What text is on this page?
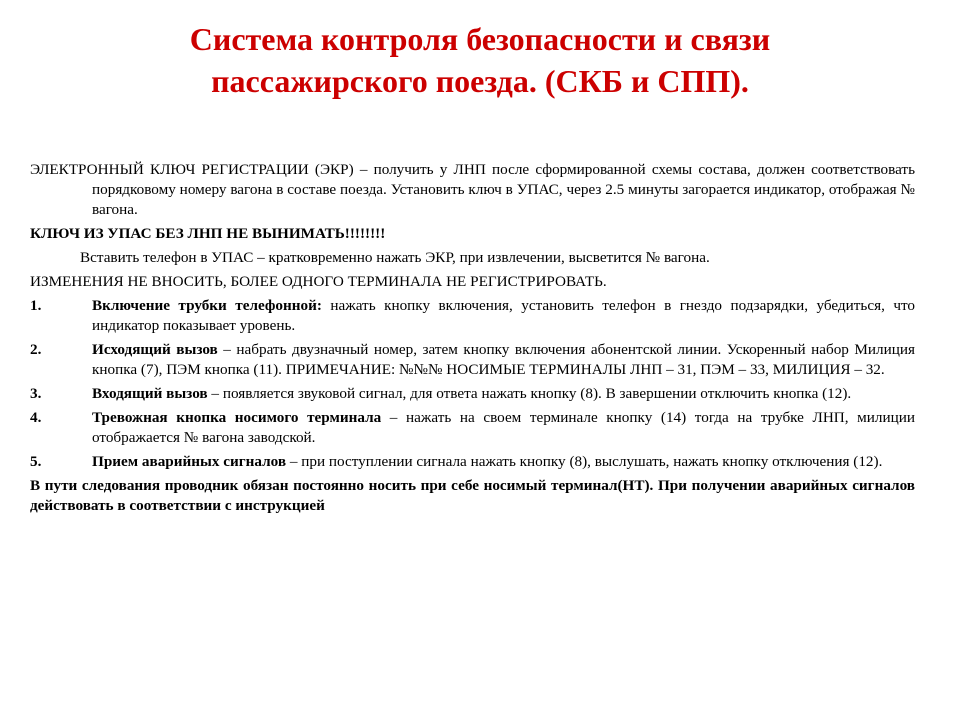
Система контроля безопасности и связи
пассажирского поезда. (СКБ и СПП).
ЭЛЕКТРОННЫЙ КЛЮЧ РЕГИСТРАЦИИ (ЭКР) – получить у ЛНП после сформированной схемы состава, должен соответствовать порядковому номеру вагона в составе поезда. Установить ключ в УПАС, через 2.5 минуты загорается индикатор, отображая № вагона.
КЛЮЧ ИЗ УПАС БЕЗ ЛНП НЕ ВЫНИМАТЬ!!!!!!!!
Вставить телефон в УПАС – кратковременно нажать ЭКР, при извлечении, высветится № вагона.
ИЗМЕНЕНИЯ НЕ ВНОСИТЬ, БОЛЕЕ ОДНОГО ТЕРМИНАЛА НЕ РЕГИСТРИРОВАТЬ.
1.	Включение трубки телефонной: нажать кнопку включения, установить телефон в гнездо подзарядки, убедиться, что индикатор показывает уровень.
2.	Исходящий вызов – набрать двузначный номер, затем кнопку включения абонентской линии. Ускоренный набор Милиция кнопка (7), ПЭМ кнопка (11). ПРИМЕЧАНИЕ: №№№ НОСИМЫЕ ТЕРМИНАЛЫ ЛНП – 31, ПЭМ – 33, МИЛИЦИЯ – 32.
3.	Входящий вызов – появляется звуковой сигнал, для ответа нажать кнопку (8). В завершении отключить кнопка (12).
4.	Тревожная кнопка носимого терминала – нажать на своем терминале кнопку (14) тогда на трубке ЛНП, милиции отображается № вагона заводской.
5.	Прием аварийных сигналов – при поступлении сигнала нажать кнопку (8), выслушать, нажать кнопку отключения (12).
В пути следования проводник обязан постоянно носить при себе носимый терминал(НТ). При получении аварийных сигналов действовать в соответствии с инструкцией
